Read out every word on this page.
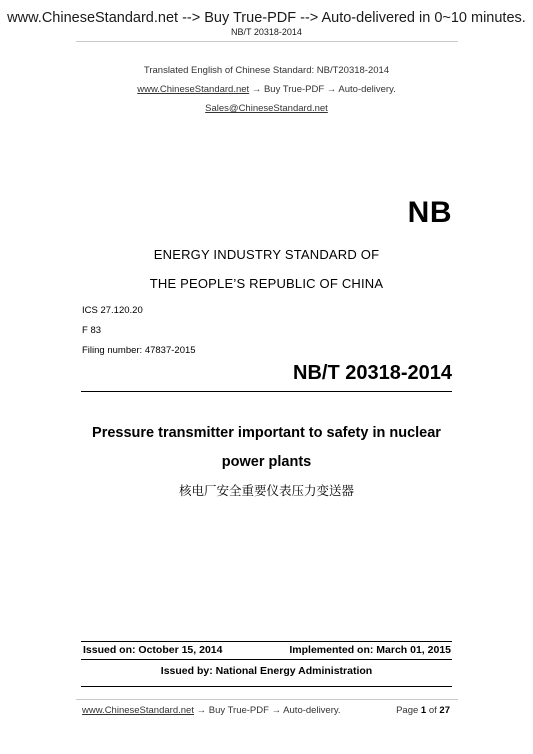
www.ChineseStandard.net --> Buy True-PDF --> Auto-delivered in 0~10 minutes.
NB/T 20318-2014
Translated English of Chinese Standard: NB/T20318-2014
www.ChineseStandard.net → Buy True-PDF → Auto-delivery.
Sales@ChineseStandard.net
NB
ENERGY INDUSTRY STANDARD OF
THE PEOPLE’S REPUBLIC OF CHINA
ICS 27.120.20
F 83
Filing number: 47837-2015
NB/T 20318-2014
Pressure transmitter important to safety in nuclear
power plants
核电厂安全重要仪表压力变送器
Issued on: October 15, 2014	Implemented on: March 01, 2015
Issued by: National Energy Administration
www.ChineseStandard.net → Buy True-PDF → Auto-delivery.	Page 1 of 27
